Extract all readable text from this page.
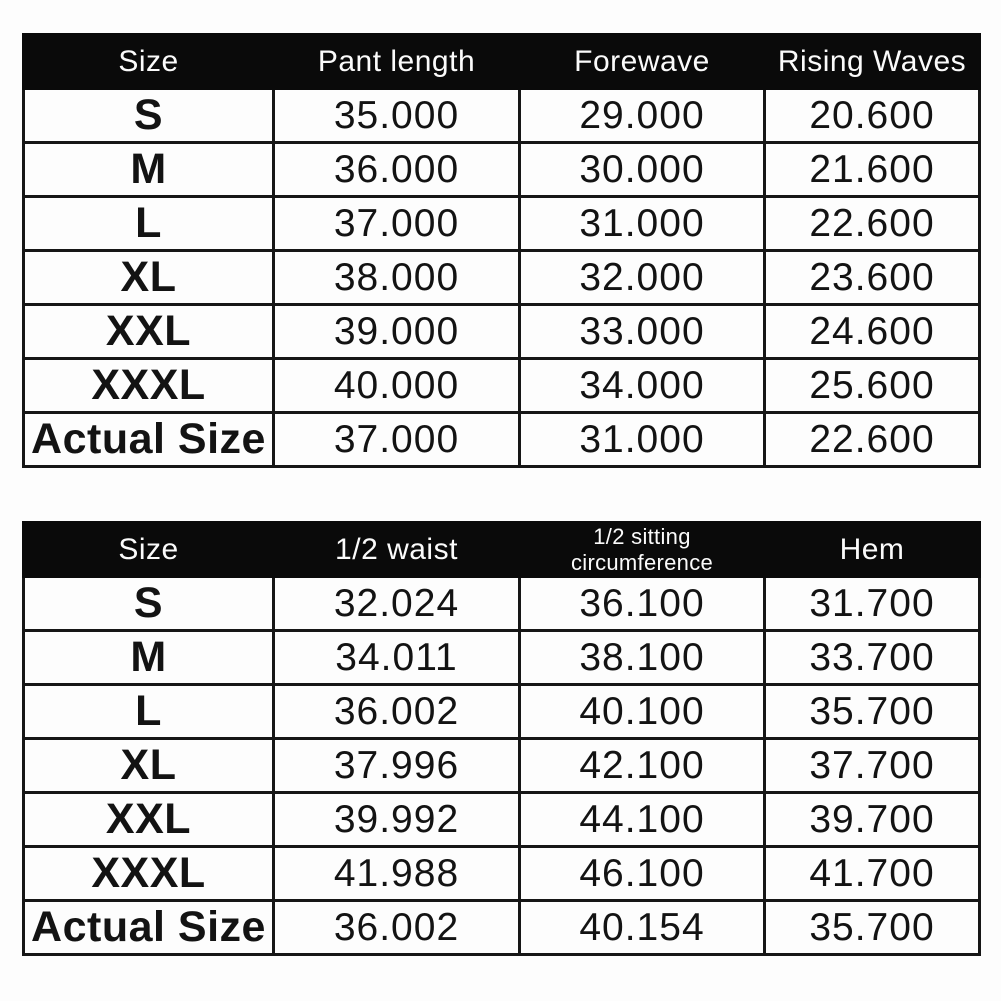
Size	Pant length	Forewave	Rising Waves
S	35.000	29.000	20.600
M	36.000	30.000	21.600
L	37.000	31.000	22.600
XL	38.000	32.000	23.600
XXL	39.000	33.000	24.600
XXXL	40.000	34.000	25.600
Actual Size	37.000	31.000	22.600
Size	1/2 waist	1/2 sitting circumference	Hem
S	32.024	36.100	31.700
M	34.011	38.100	33.700
L	36.002	40.100	35.700
XL	37.996	42.100	37.700
XXL	39.992	44.100	39.700
XXXL	41.988	46.100	41.700
Actual Size	36.002	40.154	35.700
